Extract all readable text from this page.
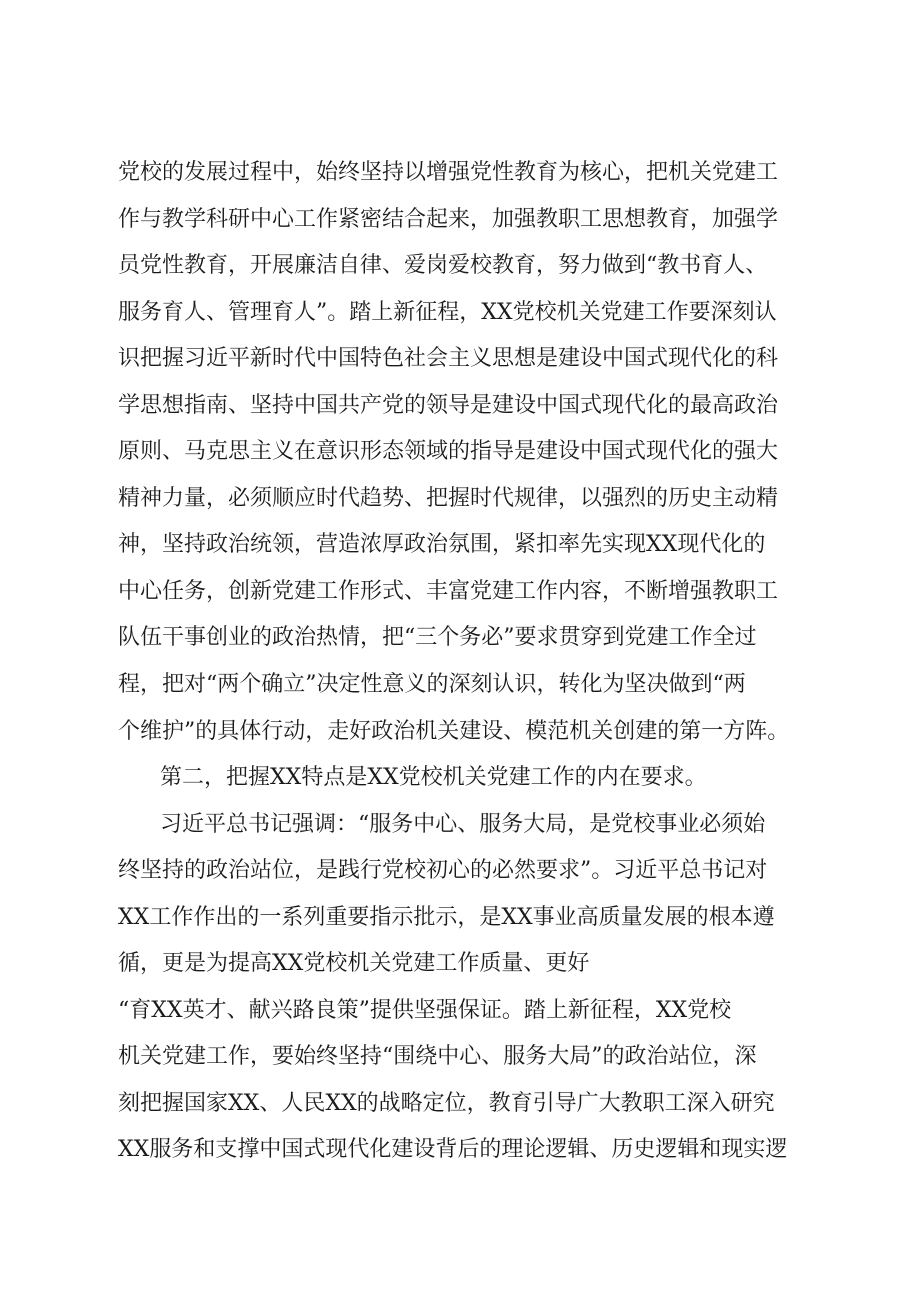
党校的发展过程中，始终坚持以增强党性教育为核心，把机关党建工
作与教学科研中心工作紧密结合起来，加强教职工思想教育，加强学
员党性教育，开展廉洁自律、爱岗爱校教育，努力做到“教书育人、
服务育人、管理育人”。踏上新征程，XX党校机关党建工作要深刻认
识把握习近平新时代中国特色社会主义思想是建设中国式现代化的科
学思想指南、坚持中国共产党的领导是建设中国式现代化的最高政治
原则、马克思主义在意识形态领域的指导是建设中国式现代化的强大
精神力量，必须顺应时代趋势、把握时代规律，以强烈的历史主动精
神，坚持政治统领，营造浓厚政治氛围，紧扣率先实现XX现代化的
中心任务，创新党建工作形式、丰富党建工作内容，不断增强教职工
队伍干事创业的政治热情，把“三个务必”要求贯穿到党建工作全过
程，把对“两个确立”决定性意义的深刻认识，转化为坚决做到“两
个维护”的具体行动，走好政治机关建设、模范机关创建的第一方阵。
第二，把握XX特点是XX党校机关党建工作的内在要求。
习近平总书记强调：“服务中心、服务大局，是党校事业必须始
终坚持的政治站位，是践行党校初心的必然要求”。习近平总书记对
XX工作作出的一系列重要指示批示，是XX事业高质量发展的根本遵
循，更是为提高XX党校机关党建工作质量、更好
“育XX英才、献兴路良策”提供坚强保证。踏上新征程，XX党校
机关党建工作，要始终坚持“围绕中心、服务大局”的政治站位，深
刻把握国家XX、人民XX的战略定位，教育引导广大教职工深入研究
XX服务和支撑中国式现代化建设背后的理论逻辑、历史逻辑和现实逻
